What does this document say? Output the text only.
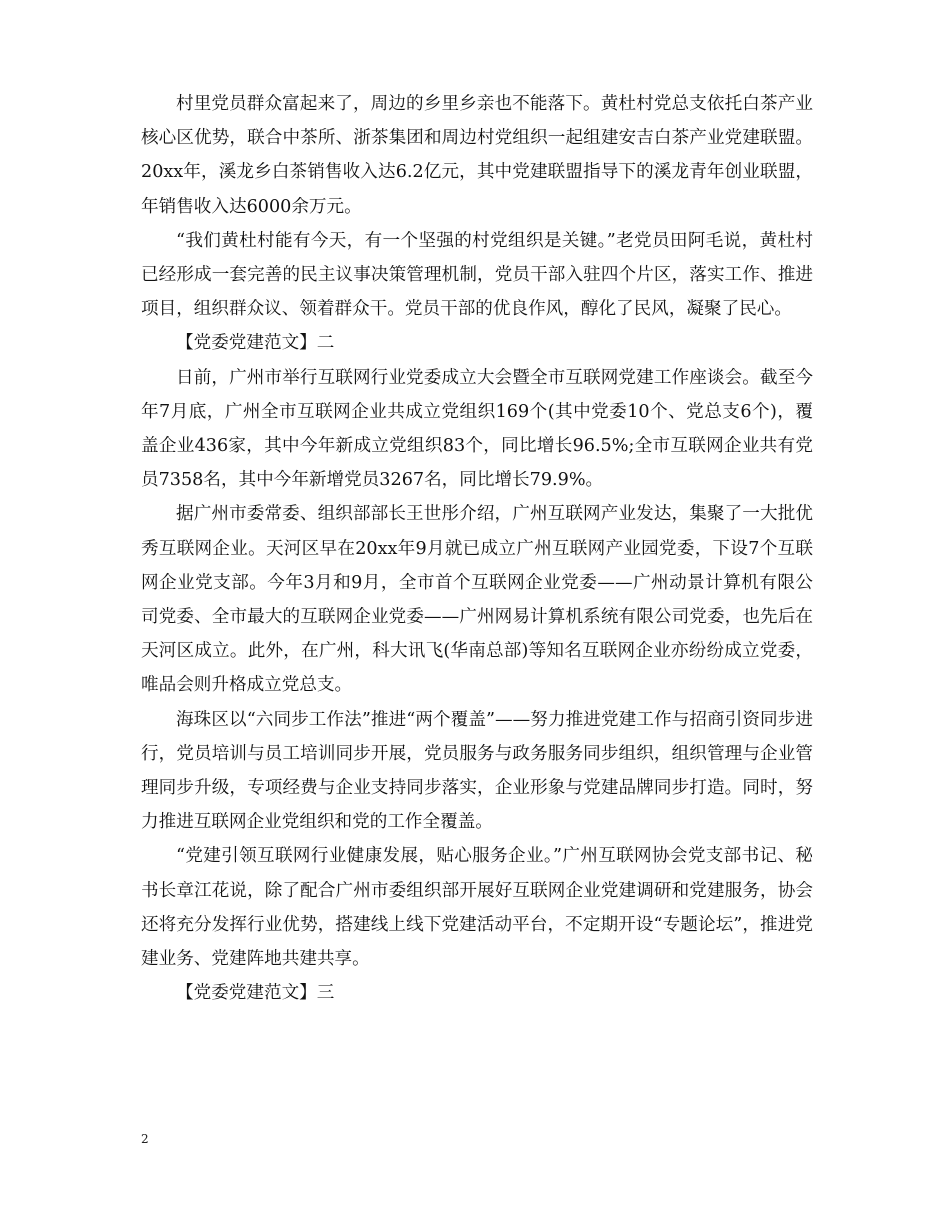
村里党员群众富起来了，周边的乡里乡亲也不能落下。黄杜村党总支依托白茶产业核心区优势，联合中茶所、浙茶集团和周边村党组织一起组建安吉白茶产业党建联盟。20xx年，溪龙乡白茶销售收入达6.2亿元，其中党建联盟指导下的溪龙青年创业联盟，年销售收入达6000余万元。

“我们黄杜村能有今天，有一个坚强的村党组织是关键。”老党员田阿毛说，黄杜村已经形成一套完善的民主议事决策管理机制，党员干部入驻四个片区，落实工作、推进项目，组织群众议、领着群众干。党员干部的优良作风，醇化了民风，凝聚了民心。

【党委党建范文】二

日前，广州市举行互联网行业党委成立大会暨全市互联网党建工作座谈会。截至今年7月底，广州全市互联网企业共成立党组织169个(其中党委10个、党总支6个)，覆盖企业436家，其中今年新成立党组织83个，同比增长96.5%;全市互联网企业共有党员7358名，其中今年新增党员3267名，同比增长79.9%。

据广州市委常委、组织部部长王世彤介绍，广州互联网产业发达，集聚了一大批优秀互联网企业。天河区早在20xx年9月就已成立广州互联网产业园党委，下设7个互联网企业党支部。今年3月和9月，全市首个互联网企业党委——广州动景计算机有限公司党委、全市最大的互联网企业党委——广州网易计算机系统有限公司党委，也先后在天河区成立。此外，在广州，科大讯飞(华南总部)等知名互联网企业亦纷纷成立党委，唯品会则升格成立党总支。

海珠区以“六同步工作法”推进“两个覆盖”——努力推进党建工作与招商引资同步进行，党员培训与员工培训同步开展，党员服务与政务服务同步组织，组织管理与企业管理同步升级，专项经费与企业支持同步落实，企业形象与党建品牌同步打造。同时，努力推进互联网企业党组织和党的工作全覆盖。

“党建引领互联网行业健康发展，贴心服务企业。”广州互联网协会党支部书记、秘书长章江花说，除了配合广州市委组织部开展好互联网企业党建调研和党建服务，协会还将充分发挥行业优势，搭建线上线下党建活动平台，不定期开设“专题论坛”，推进党建业务、党建阵地共建共享。

【党委党建范文】三

2
